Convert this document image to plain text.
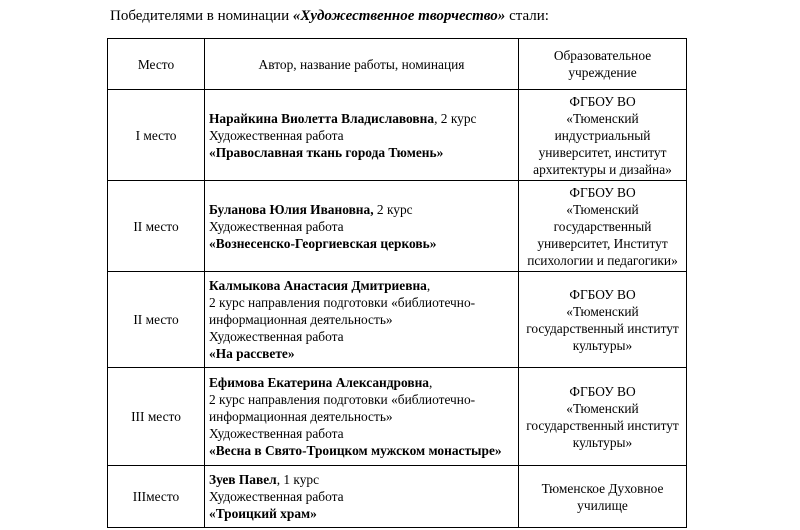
Победителями в номинации «Художественное творчество» стали:
Место	Автор, название работы, номинация	Образовательное
учреждение

I место	Нарайкина Виолетта Владиславовна, 2 курс
Художественная работа
«Православная ткань города Тюмень»	ФГБОУ ВО
«Тюменский
индустриальный
университет, институт
архитектуры и дизайна»

II место	Буланова Юлия Ивановна, 2 курс
Художественная работа
«Вознесенско-Георгиевская церковь»	ФГБОУ ВО
«Тюменский
государственный
университет, Институт
психологии и педагогики»

II место	Калмыкова Анастасия Дмитриевна,
2 курс направления подготовки «библиотечно-
информационная деятельность»
Художественная работа
«На рассвете»	ФГБОУ ВО
«Тюменский
государственный институт
культуры»

III место	Ефимова Екатерина Александровна,
2 курс направления подготовки «библиотечно-
информационная деятельность»
Художественная работа
«Весна в Свято-Троицком мужском монастыре»	ФГБОУ ВО
«Тюменский
государственный институт
культуры»

IIIместо	Зуев Павел, 1 курс
Художественная работа
«Троицкий храм»	Тюменское Духовное
училище
